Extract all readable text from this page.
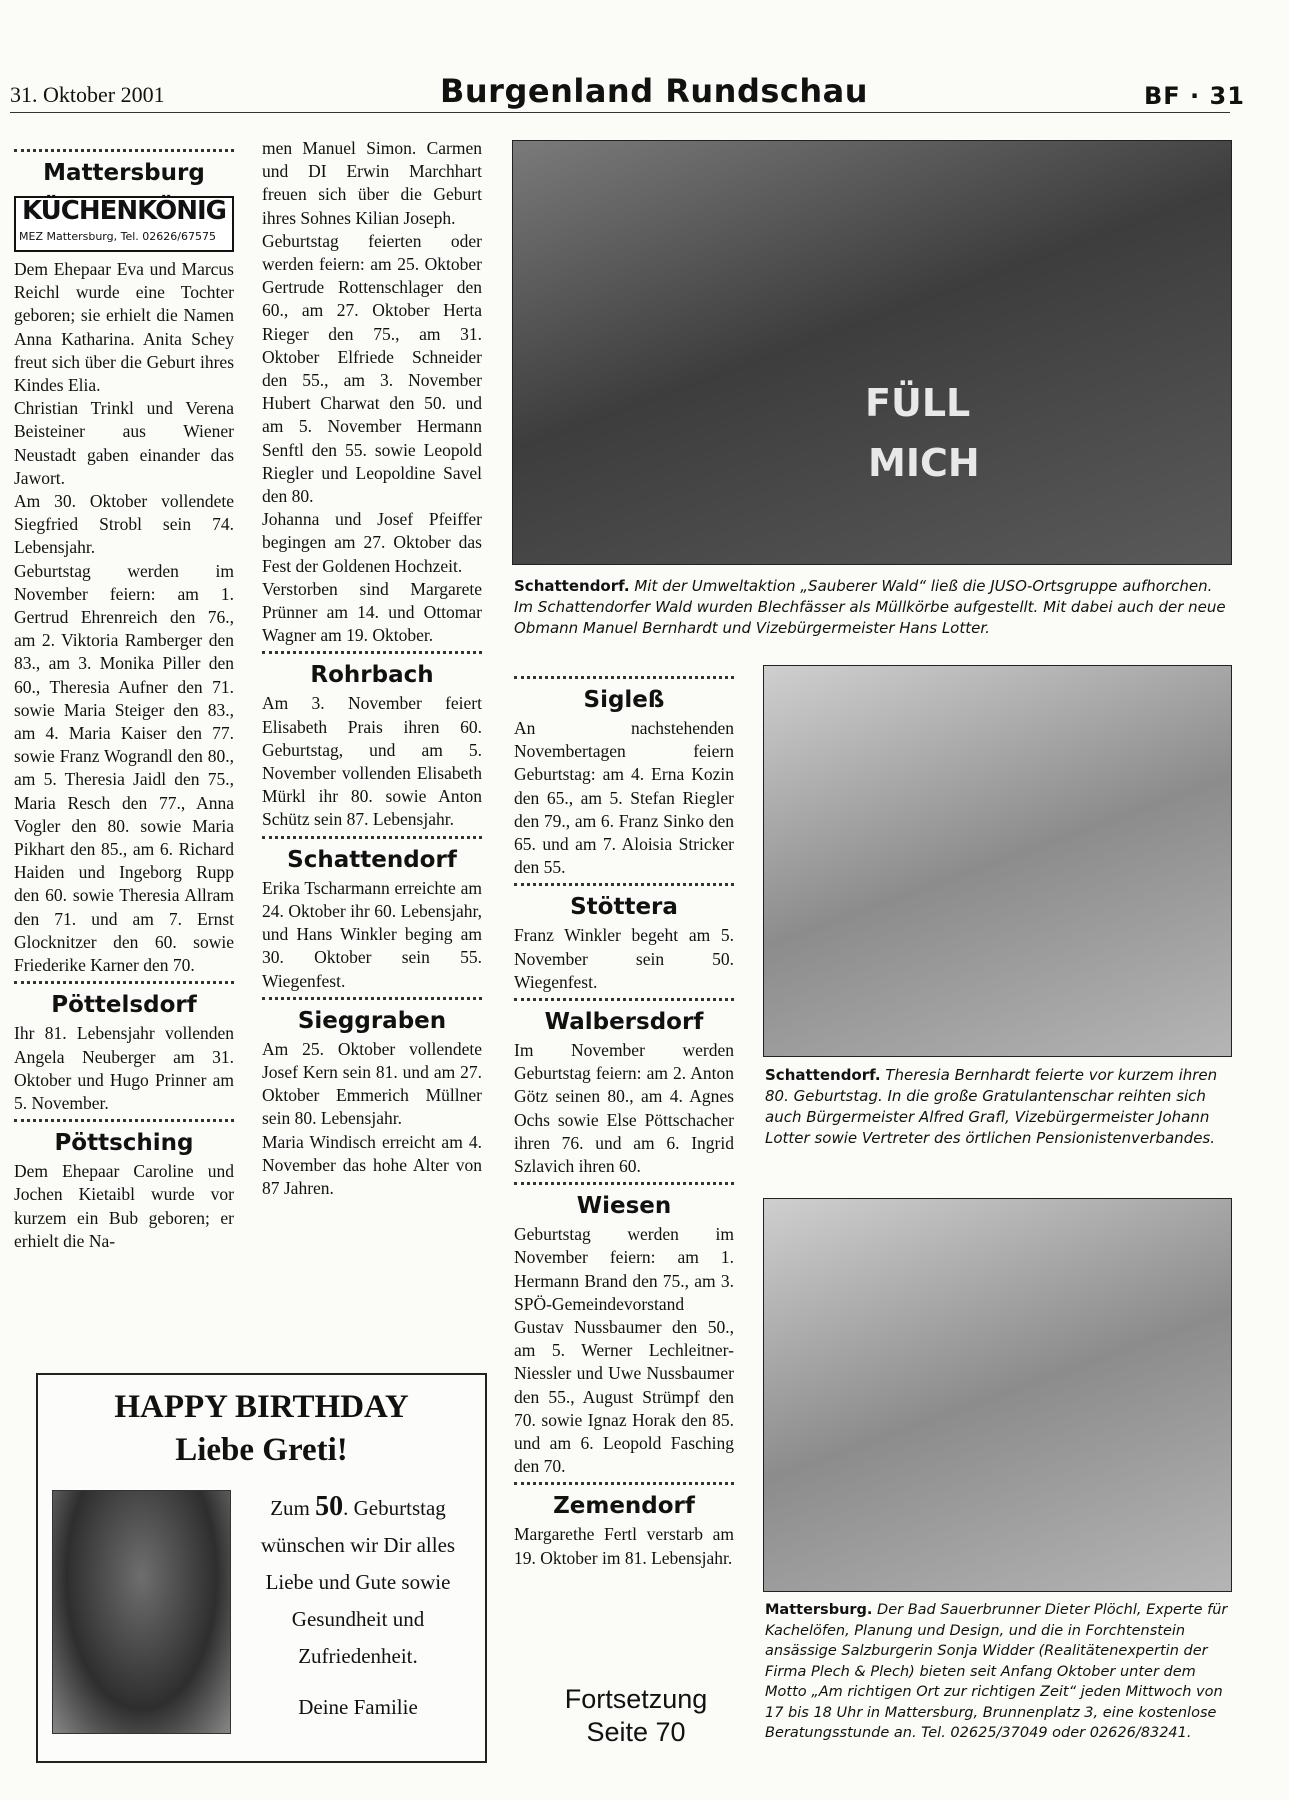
31. Oktober 2001	Burgenland Rundschau	BF · 31
Mattersburg
KÜCHENKÖNIG
MEZ Mattersburg, Tel. 02626/67575

Dem Ehepaar Eva und Marcus Reichl wurde eine Tochter geboren; sie erhielt die Namen Anna Katharina. Anita Schey freut sich über die Geburt ihres Kindes Elia.
Christian Trinkl und Verena Beisteiner aus Wiener Neustadt gaben einander das Jawort.
Am 30. Oktober vollendete Siegfried Strobl sein 74. Lebensjahr.
Geburtstag werden im November feiern: am 1. Gertrud Ehrenreich den 76., am 2. Viktoria Ramberger den 83., am 3. Monika Piller den 60., Theresia Aufner den 71. sowie Maria Steiger den 83., am 4. Maria Kaiser den 77. sowie Franz Wograndl den 80., am 5. Theresia Jaidl den 75., Maria Resch den 77., Anna Vogler den 80. sowie Maria Pikhart den 85., am 6. Richard Haiden und Ingeborg Rupp den 60. sowie Theresia Allram den 71. und am 7. Ernst Glocknitzer den 60. sowie Friederike Karner den 70.

Pöttelsdorf

Ihr 81. Lebensjahr vollenden Angela Neuberger am 31. Oktober und Hugo Prinner am 5. November.

Pöttsching

Dem Ehepaar Caroline und Jochen Kietaibl wurde vor kurzem ein Bub geboren; er erhielt die Na-

men Manuel Simon. Carmen und DI Erwin Marchhart freuen sich über die Geburt ihres Sohnes Kilian Joseph.
Geburtstag feierten oder werden feiern: am 25. Oktober Gertrude Rottenschlager den 60., am 27. Oktober Herta Rieger den 75., am 31. Oktober Elfriede Schneider den 55., am 3. November Hubert Charwat den 50. und am 5. November Hermann Senftl den 55. sowie Leopold Riegler und Leopoldine Savel den 80.
Johanna und Josef Pfeiffer begingen am 27. Oktober das Fest der Goldenen Hochzeit.
Verstorben sind Margarete Prünner am 14. und Ottomar Wagner am 19. Oktober.

Rohrbach

Am 3. November feiert Elisabeth Prais ihren 60. Geburtstag, und am 5. November vollenden Elisabeth Mürkl ihr 80. sowie Anton Schütz sein 87. Lebensjahr.

Schattendorf

Erika Tscharmann erreichte am 24. Oktober ihr 60. Lebensjahr, und Hans Winkler beging am 30. Oktober sein 55. Wiegenfest.

Sieggraben

Am 25. Oktober vollendete Josef Kern sein 81. und am 27. Oktober Emmerich Müllner sein 80. Lebensjahr.
Maria Windisch erreicht am 4. November das hohe Alter von 87 Jahren.

FÜLL
MICH
Schattendorf. Mit der Umweltaktion „Sauberer Wald“ ließ die JUSO-Ortsgruppe aufhorchen. Im Schattendorfer Wald wurden Blechfässer als Müllkörbe aufgestellt. Mit dabei auch der neue Obmann Manuel Bernhardt und Vizebürgermeister Hans Lotter.
Sigleß

An nachstehenden Novembertagen feiern Geburtstag: am 4. Erna Kozin den 65., am 5. Stefan Riegler den 79., am 6. Franz Sinko den 65. und am 7. Aloisia Stricker den 55.

Stöttera

Franz Winkler begeht am 5. November sein 50. Wiegenfest.

Walbersdorf

Im November werden Geburtstag feiern: am 2. Anton Götz seinen 80., am 4. Agnes Ochs sowie Else Pöttschacher ihren 76. und am 6. Ingrid Szlavich ihren 60.

Wiesen

Geburtstag werden im November feiern: am 1. Hermann Brand den 75., am 3. SPÖ-Gemeindevorstand Gustav Nussbaumer den 50., am 5. Werner Lechleitner-Niessler und Uwe Nussbaumer den 55., August Strümpf den 70. sowie Ignaz Horak den 85. und am 6. Leopold Fasching den 70.

Zemendorf

Margarethe Fertl verstarb am 19. Oktober im 81. Lebensjahr.

Fortsetzung
Seite 70
Schattendorf. Theresia Bernhardt feierte vor kurzem ihren 80. Geburtstag. In die große Gratulantenschar reihten sich auch Bürgermeister Alfred Grafl, Vizebürgermeister Johann Lotter sowie Vertreter des örtlichen Pensionistenverbandes.
Mattersburg. Der Bad Sauerbrunner Dieter Plöchl, Experte für Kachelöfen, Planung und Design, und die in Forchtenstein ansässige Salzburgerin Sonja Widder (Realitätenexpertin der Firma Plech & Plech) bieten seit Anfang Oktober unter dem Motto „Am richtigen Ort zur richtigen Zeit“ jeden Mittwoch von 17 bis 18 Uhr in Mattersburg, Brunnenplatz 3, eine kostenlose Beratungsstunde an. Tel. 02625/37049 oder 02626/83241.
HAPPY BIRTHDAY
Liebe Greti!
Zum 50. Geburtstag
wünschen wir Dir alles
Liebe und Gute sowie
Gesundheit und
Zufriedenheit.
Deine Familie
